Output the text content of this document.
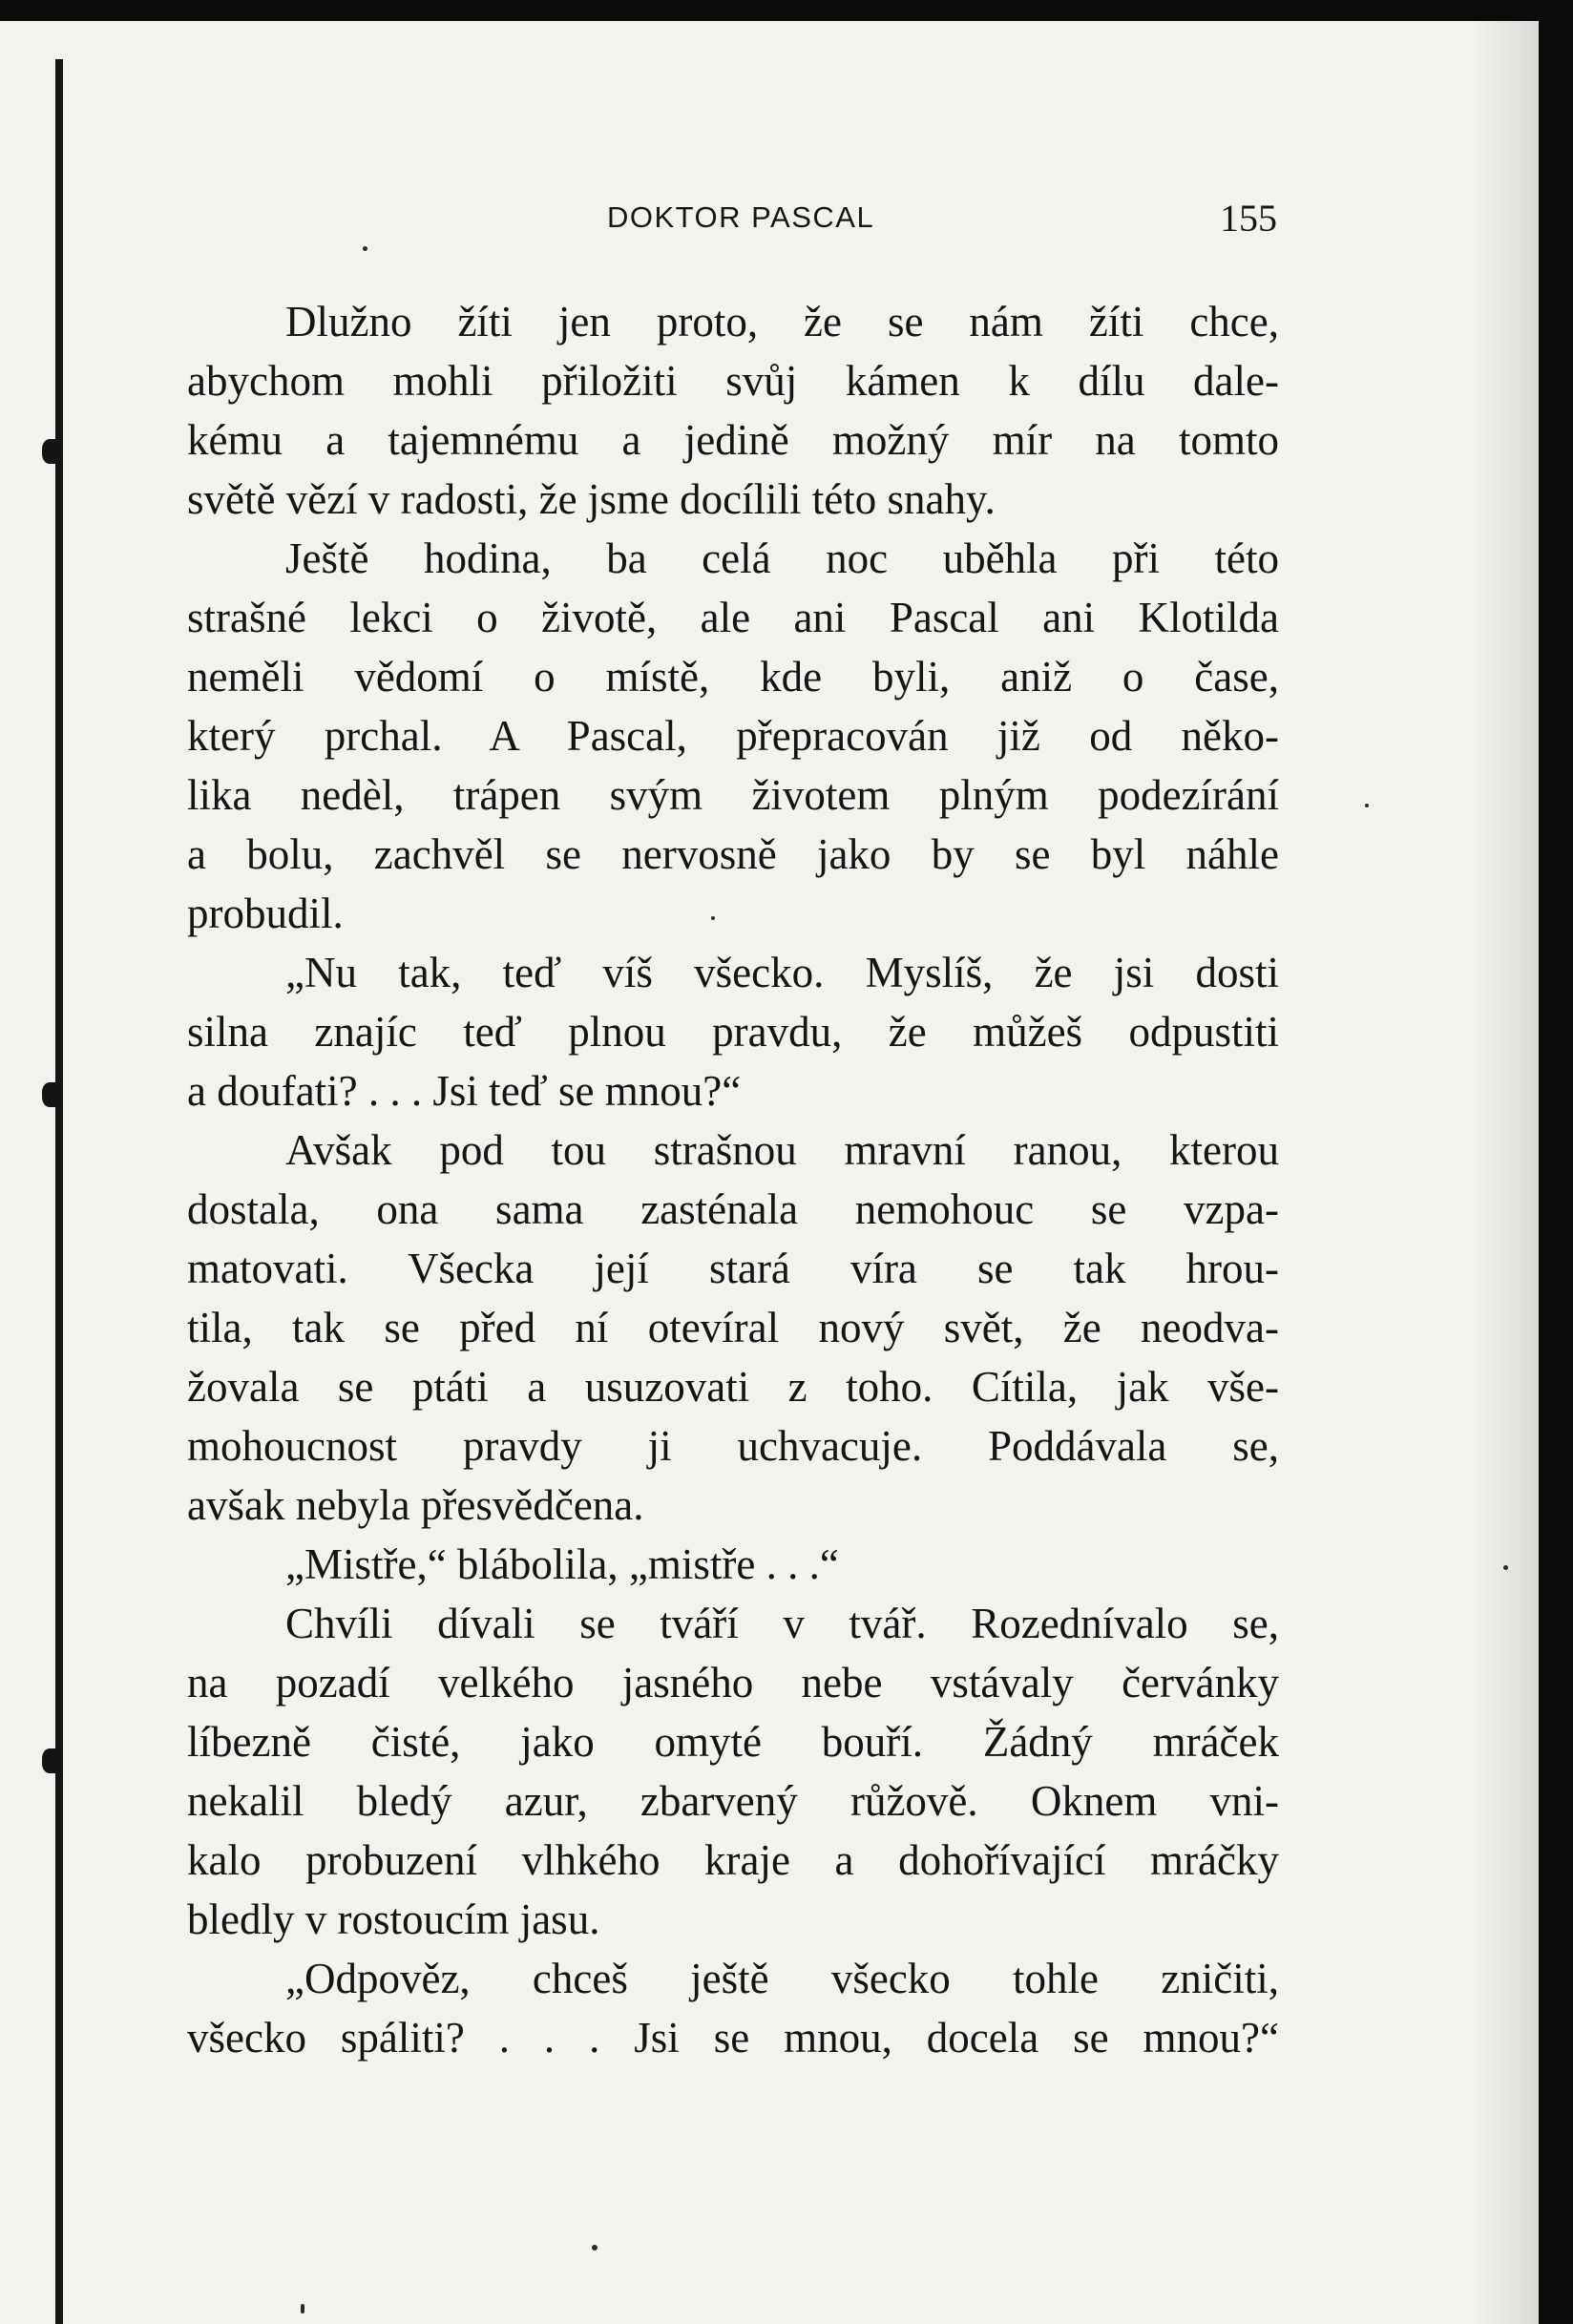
DOKTOR PASCAL	155
Dlužno žíti jen proto, že se nám žíti chce,
abychom mohli přiložiti svůj kámen k dílu dale-
kému a tajemnému a jedině možný mír na tomto
světě vězí v radosti, že jsme docílili této snahy.
Ještě hodina, ba celá noc uběhla při této
strašné lekci o životě, ale ani Pascal ani Klotilda
neměli vědomí o místě, kde byli, aniž o čase,
který prchal. A Pascal, přepracován již od něko-
lika nedèl, trápen svým životem plným podezírání
a bolu, zachvěl se nervosně jako by se byl náhle
probudil.
„Nu tak, teď víš všecko. Myslíš, že jsi dosti
silna znajíc teď plnou pravdu, že můžeš odpustiti
a doufati? . . . Jsi teď se mnou?“
Avšak pod tou strašnou mravní ranou, kterou
dostala, ona sama zasténala nemohouc se vzpa-
matovati. Všecka její stará víra se tak hrou-
tila, tak se před ní otevíral nový svět, že neodva-
žovala se ptáti a usuzovati z toho. Cítila, jak vše-
mohoucnost pravdy ji uchvacuje. Poddávala se,
avšak nebyla přesvědčena.
„Mistře,“ blábolila, „mistře . . .“
Chvíli dívali se tváří v tvář. Rozednívalo se,
na pozadí velkého jasného nebe vstávaly červánky
líbezně čisté, jako omyté bouří. Žádný mráček
nekalil bledý azur, zbarvený růžově. Oknem vni-
kalo probuzení vlhkého kraje a dohořívající mráčky
bledly v rostoucím jasu.
„Odpověz, chceš ještě všecko tohle zničiti,
všecko spáliti? . . . Jsi se mnou, docela se mnou?“
